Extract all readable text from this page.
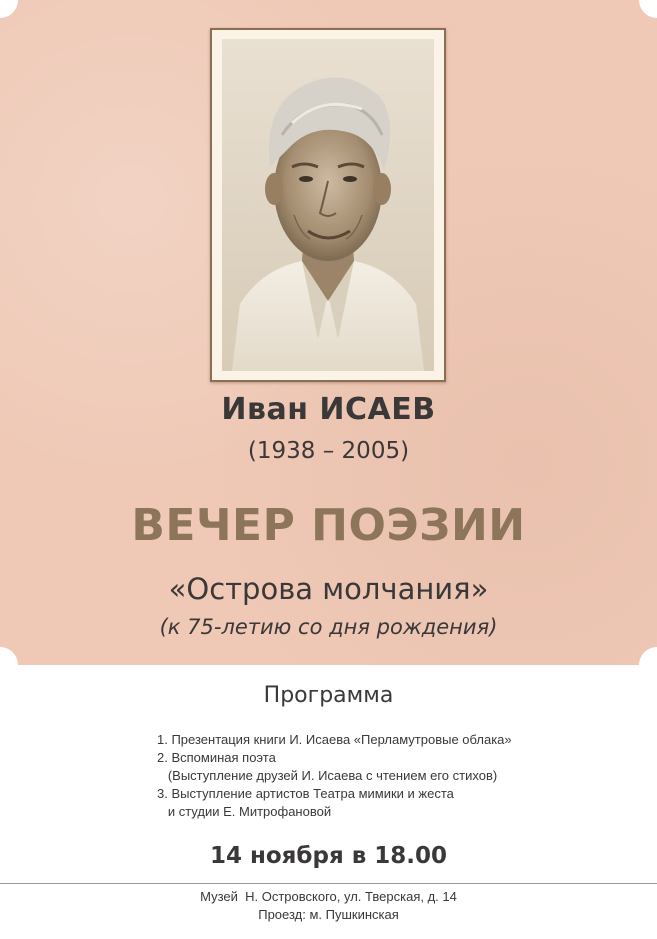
Иван ИСАЕВ
(1938 – 2005)
ВЕЧЕР ПОЭЗИИ
«Острова молчания»
(к 75-летию со дня рождения)
Программа
1. Презентация книги И. Исаева «Перламутровые облака»
2. Вспоминая поэта
(Выступление друзей И. Исаева с чтением его стихов)
3. Выступление артистов Театра мимики и жеста
и студии Е. Митрофановой
14 ноября в 18.00
Музей  Н. Островского, ул. Тверская, д. 14
Проезд: м. Пушкинская
